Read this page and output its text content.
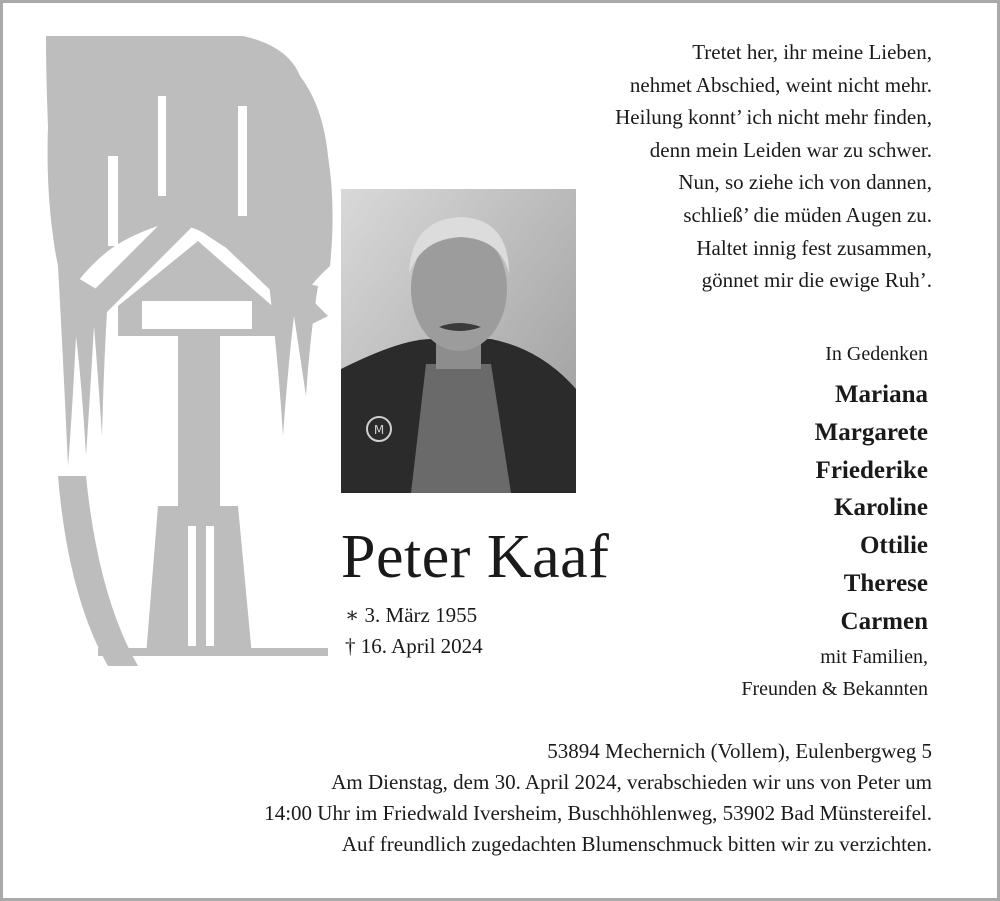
M
Tretet her, ihr meine Lieben,
nehmet Abschied, weint nicht mehr.
Heilung konnt’ ich nicht mehr finden,
denn mein Leiden war zu schwer.
Nun, so ziehe ich von dannen,
schließ’ die müden Augen zu.
Haltet innig fest zusammen,
gönnet mir die ewige Ruh’.
Peter Kaaf
∗ 3. März 1955
† 16. April 2024
In Gedenken
Mariana
Margarete
Friederike
Karoline
Ottilie
Therese
Carmen
mit Familien,
Freunden & Bekannten
53894 Mechernich (Vollem), Eulenbergweg 5
Am Dienstag, dem 30. April 2024, verabschieden wir uns von Peter um
14:00 Uhr im Friedwald Iversheim, Buschhöhlenweg, 53902 Bad Münstereifel.
Auf freundlich zugedachten Blumenschmuck bitten wir zu verzichten.
